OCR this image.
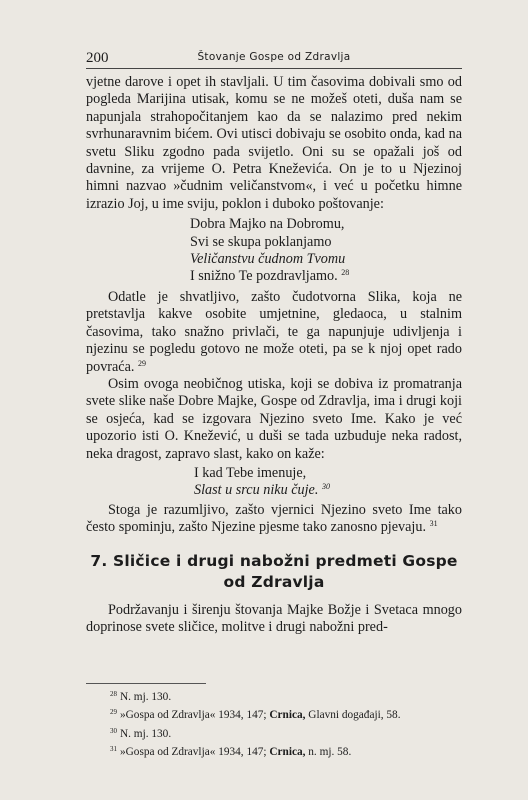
200	Štovanje Gospe od Zdravlja

vjetne darove i opet ih stavljali. U tim časovima dobivali smo od pogleda Marijina utisak, komu se ne možeš oteti, duša nam se napunjala strahopočitanjem kao da se nalazimo pred nekim svrhunaravnim bićem. Ovi utisci dobivaju se osobito onda, kad na svetu Sliku zgodno pada svijetlo. Oni su se opažali još od davnine, za vrijeme O. Petra Kneževića. On je to u Njezinoj himni nazvao »čudnim veličanstvom«, i već u početku himne izrazio Joj, u ime sviju, poklon i duboko poštovanje:

Dobra Majko na Dobromu,
Svi se skupa poklanjamo
Veličanstvu čudnom Tvomu
I snižno Te pozdravljamo. $^{28}$

Odatle je shvatljivo, zašto čudotvorna Slika, koja ne pretstavlja kakve osobite umjetnine, gledaoca, u stalnim časovima, tako snažno privlači, te ga napunjuje udivljenja i njezinu se pogledu gotovo ne može oteti, pa se k njoj opet rado povraća. $^{29}$

Osim ovoga neobičnog utiska, koji se dobiva iz promatranja svete slike naše Dobre Majke, Gospe od Zdravlja, ima i drugi koji se osjeća, kad se izgovara Njezino sveto Ime. Kako je već upozorio isti O. Knežević, u duši se tada uzbuduje neka radost, neka dragost, zapravo slast, kako on kaže:

I kad Tebe imenuje,
Slast u srcu niku čuje. $^{30}$

Stoga je razumljivo, zašto vjernici Njezino sveto Ime tako često spominju, zašto Njezine pjesme tako zanosno pjevaju. $^{31}$

7. Sličice i drugi nabožni predmeti Gospe
od Zdravlja

Podržavanju i širenju štovanja Majke Božje i Svetaca mnogo doprinose svete sličice, molitve i drugi nabožni pred-

$^{28}$ N. mj. 130.
$^{29}$ »Gospa od Zdravlja« 1934, 147; Crnica, Glavni događaji, 58.
$^{30}$ N. mj. 130.
$^{31}$ »Gospa od Zdravlja« 1934, 147; Crnica, n. mj. 58.
